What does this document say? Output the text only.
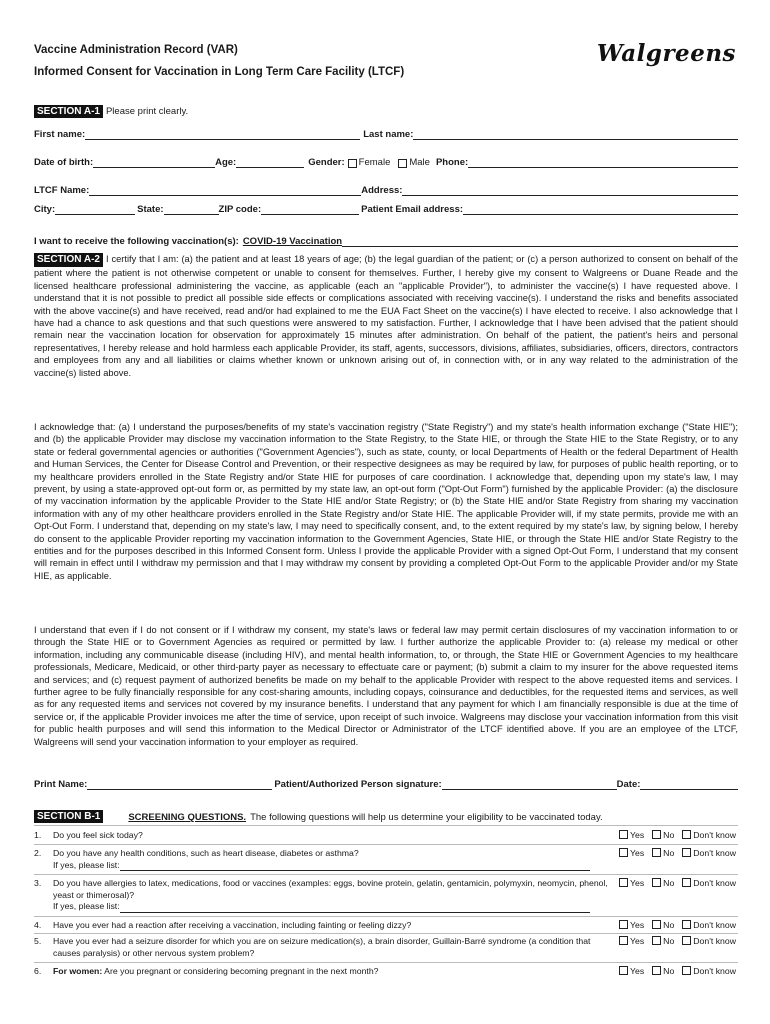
Vaccine Administration Record (VAR)
Informed Consent for Vaccination in Long Term Care Facility (LTCF)
Walgreens
SECTION A-1 Please print clearly.
First name:	Last name:
Date of birth:	Age:	Gender: Female Male Phone:
LTCF Name:	Address:
City:	State:	ZIP code:	Patient Email address:
I want to receive the following vaccination(s): COVID-19 Vaccination
SECTION A-2 I certify that I am: (a) the patient and at least 18 years of age; (b) the legal guardian of the patient; or (c) a person authorized to consent on behalf of the patient where the patient is not otherwise competent or unable to consent for themselves. Further, I hereby give my consent to Walgreens or Duane Reade and the licensed healthcare professional administering the vaccine, as applicable (each an "applicable Provider"), to administer the vaccine(s) I have requested above. I understand that it is not possible to predict all possible side effects or complications associated with receiving vaccine(s). I understand the risks and benefits associated with the above vaccine(s) and have received, read and/or had explained to me the EUA Fact Sheet on the vaccine(s) I have elected to receive. I also acknowledge that I have had a chance to ask questions and that such questions were answered to my satisfaction. Further, I acknowledge that I have been advised that the patient should remain near the vaccination location for observation for approximately 15 minutes after administration. On behalf of the patient, the patient's heirs and personal representatives, I hereby release and hold harmless each applicable Provider, its staff, agents, successors, divisions, affiliates, subsidiaries, officers, directors, contractors and employees from any and all liabilities or claims whether known or unknown arising out of, in connection with, or in any way related to the administration of the vaccine(s) listed above.
I acknowledge that: (a) I understand the purposes/benefits of my state's vaccination registry ("State Registry") and my state's health information exchange ("State HIE"); and (b) the applicable Provider may disclose my vaccination information to the State Registry, to the State HIE, or through the State HIE to the State Registry, or to any state or federal governmental agencies or authorities ("Government Agencies"), such as state, county, or local Departments of Health or the federal Department of Health and Human Services, the Center for Disease Control and Prevention, or their respective designees as may be required by law, for purposes of public health reporting, or to my healthcare providers enrolled in the State Registry and/or State HIE for purposes of care coordination. I acknowledge that, depending upon my state's law, I may prevent, by using a state-approved opt-out form or, as permitted by my state law, an opt-out form ("Opt-Out Form") furnished by the applicable Provider: (a) the disclosure of my vaccination information by the applicable Provider to the State HIE and/or State Registry; or (b) the State HIE and/or State Registry from sharing my vaccination information with any of my other healthcare providers enrolled in the State Registry and/or State HIE. The applicable Provider will, if my state permits, provide me with an Opt-Out Form. I understand that, depending on my state's law, I may need to specifically consent, and, to the extent required by my state's law, by signing below, I hereby do consent to the applicable Provider reporting my vaccination information to the Government Agencies, State HIE, or through the State HIE and/or State Registry to the entities and for the purposes described in this Informed Consent form. Unless I provide the applicable Provider with a signed Opt-Out Form, I understand that my consent will remain in effect until I withdraw my permission and that I may withdraw my consent by providing a completed Opt-Out Form to the applicable Provider and/or my State HIE, as applicable.
I understand that even if I do not consent or if I withdraw my consent, my state's laws or federal law may permit certain disclosures of my vaccination information to or through the State HIE or to Government Agencies as required or permitted by law. I further authorize the applicable Provider to: (a) release my medical or other information, including any communicable disease (including HIV), and mental health information, to, or through, the State HIE or Government Agencies to my healthcare professionals, Medicare, Medicaid, or other third-party payer as necessary to effectuate care or payment; (b) submit a claim to my insurer for the above requested items and services; and (c) request payment of authorized benefits be made on my behalf to the applicable Provider with respect to the above requested items and services. I further agree to be fully financially responsible for any cost-sharing amounts, including copays, coinsurance and deductibles, for the requested items and services, as well as for any requested items and services not covered by my insurance benefits. I understand that any payment for which I am financially responsible is due at the time of service or, if the applicable Provider invoices me after the time of service, upon receipt of such invoice. Walgreens may disclose your vaccination information from this visit for public health purposes and will send this information to the Medical Director or Administrator of the LTCF identified above. If you are an employee of the LTCF, Walgreens will send your vaccination information to your employer as required.
Print Name:	Patient/Authorized Person signature:	Date:
SECTION B-1	SCREENING QUESTIONS. The following questions will help us determine your eligibility to be vaccinated today.
1.	Do you feel sick today?	Yes No Don't know
2.	Do you have any health conditions, such as heart disease, diabetes or asthma?
If yes, please list:
Yes No Don't know
3.	Do you have allergies to latex, medications, food or vaccines (examples: eggs, bovine protein, gelatin, gentamicin, polymyxin, neomycin, phenol, yeast or thimerosal)?
If yes, please list:
Yes No Don't know
4.	Have you ever had a reaction after receiving a vaccination, including fainting or feeling dizzy?	Yes No Don't know
5.	Have you ever had a seizure disorder for which you are on seizure medication(s), a brain disorder, Guillain-Barré syndrome (a condition that causes paralysis) or other nervous system problem?
Yes No Don't know
6.	For women: Are you pregnant or considering becoming pregnant in the next month?	Yes No Don't know
